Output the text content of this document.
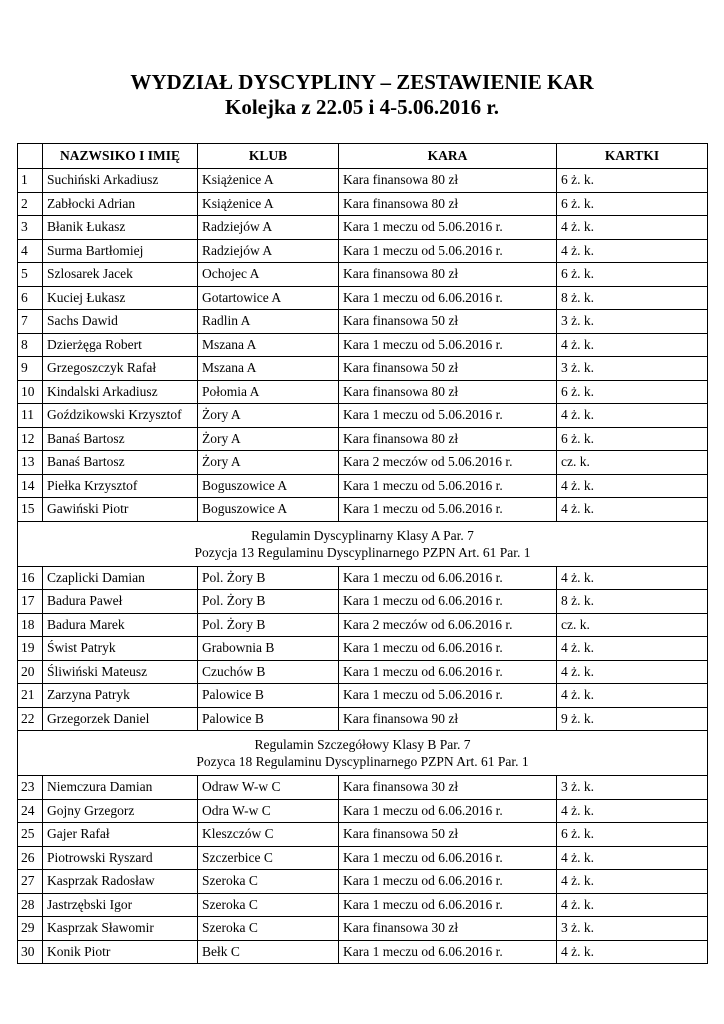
WYDZIAŁ DYSCYPLINY – ZESTAWIENIE KAR
Kolejka z 22.05 i 4-5.06.2016 r.
	NAZWSIKO I IMIĘ	KLUB	KARA	KARTKI
1	Suchiński Arkadiusz	Książenice A	Kara finansowa 80 zł	6 ż. k.
2	Zabłocki Adrian	Książenice A	Kara finansowa 80 zł	6 ż. k.
3	Błanik Łukasz	Radziejów A	Kara 1 meczu od 5.06.2016 r.	4 ż. k.
4	Surma Bartłomiej	Radziejów A	Kara 1 meczu od 5.06.2016 r.	4 ż. k.
5	Szlosarek Jacek	Ochojec A	Kara finansowa 80 zł	6 ż. k.
6	Kuciej Łukasz	Gotartowice A	Kara 1 meczu od 6.06.2016 r.	8 ż. k.
7	Sachs Dawid	Radlin A	Kara finansowa 50 zł	3 ż. k.
8	Dzierżęga Robert	Mszana A	Kara 1 meczu od 5.06.2016 r.	4 ż. k.
9	Grzegoszczyk Rafał	Mszana A	Kara finansowa 50 zł	3 ż. k.
10	Kindalski Arkadiusz	Połomia A	Kara finansowa 80 zł	6 ż. k.
11	Goździkowski Krzysztof	Żory A	Kara 1 meczu od 5.06.2016 r.	4 ż. k.
12	Banaś Bartosz	Żory A	Kara finansowa 80 zł	6 ż. k.
13	Banaś Bartosz	Żory A	Kara 2 meczów od 5.06.2016 r.	cz. k.
14	Piełka Krzysztof	Boguszowice A	Kara 1 meczu od 5.06.2016 r.	4 ż. k.
15	Gawiński Piotr	Boguszowice A	Kara 1 meczu od 5.06.2016 r.	4 ż. k.

Regulamin Dyscyplinarny Klasy A Par. 7
Pozycja 13 Regulaminu Dyscyplinarnego PZPN Art. 61 Par. 1				

16	Czaplicki Damian	Pol. Żory B	Kara 1 meczu od 6.06.2016 r.	4 ż. k.
17	Badura Paweł	Pol. Żory B	Kara 1 meczu od 6.06.2016 r.	8 ż. k.
18	Badura Marek	Pol. Żory B	Kara 2 meczów od 6.06.2016 r.	cz. k.
19	Świst Patryk	Grabownia B	Kara 1 meczu od 6.06.2016 r.	4 ż. k.
20	Śliwiński Mateusz	Czuchów B	Kara 1 meczu od 6.06.2016 r.	4 ż. k.
21	Zarzyna Patryk	Palowice B	Kara 1 meczu od 5.06.2016 r.	4 ż. k.
22	Grzegorzek Daniel	Palowice B	Kara finansowa 90 zł	9 ż. k.

Regulamin Szczegółowy Klasy B Par. 7
Pozyca 18 Regulaminu Dyscyplinarnego PZPN Art. 61 Par. 1				

23	Niemczura Damian	Odraw W-w C	Kara finansowa 30 zł	3 ż. k.
24	Gojny Grzegorz	Odra W-w C	Kara 1 meczu od 6.06.2016 r.	4 ż. k.
25	Gajer Rafał	Kleszczów C	Kara finansowa 50 zł	6 ż. k.
26	Piotrowski Ryszard	Szczerbice C	Kara 1 meczu od 6.06.2016 r.	4 ż. k.
27	Kasprzak Radosław	Szeroka C	Kara 1 meczu od 6.06.2016 r.	4 ż. k.
28	Jastrzębski Igor	Szeroka C	Kara 1 meczu od 6.06.2016 r.	4 ż. k.
29	Kasprzak Sławomir	Szeroka C	Kara finansowa 30 zł	3 ż. k.
30	Konik Piotr	Bełk C	Kara 1 meczu od 6.06.2016 r.	4 ż. k.
